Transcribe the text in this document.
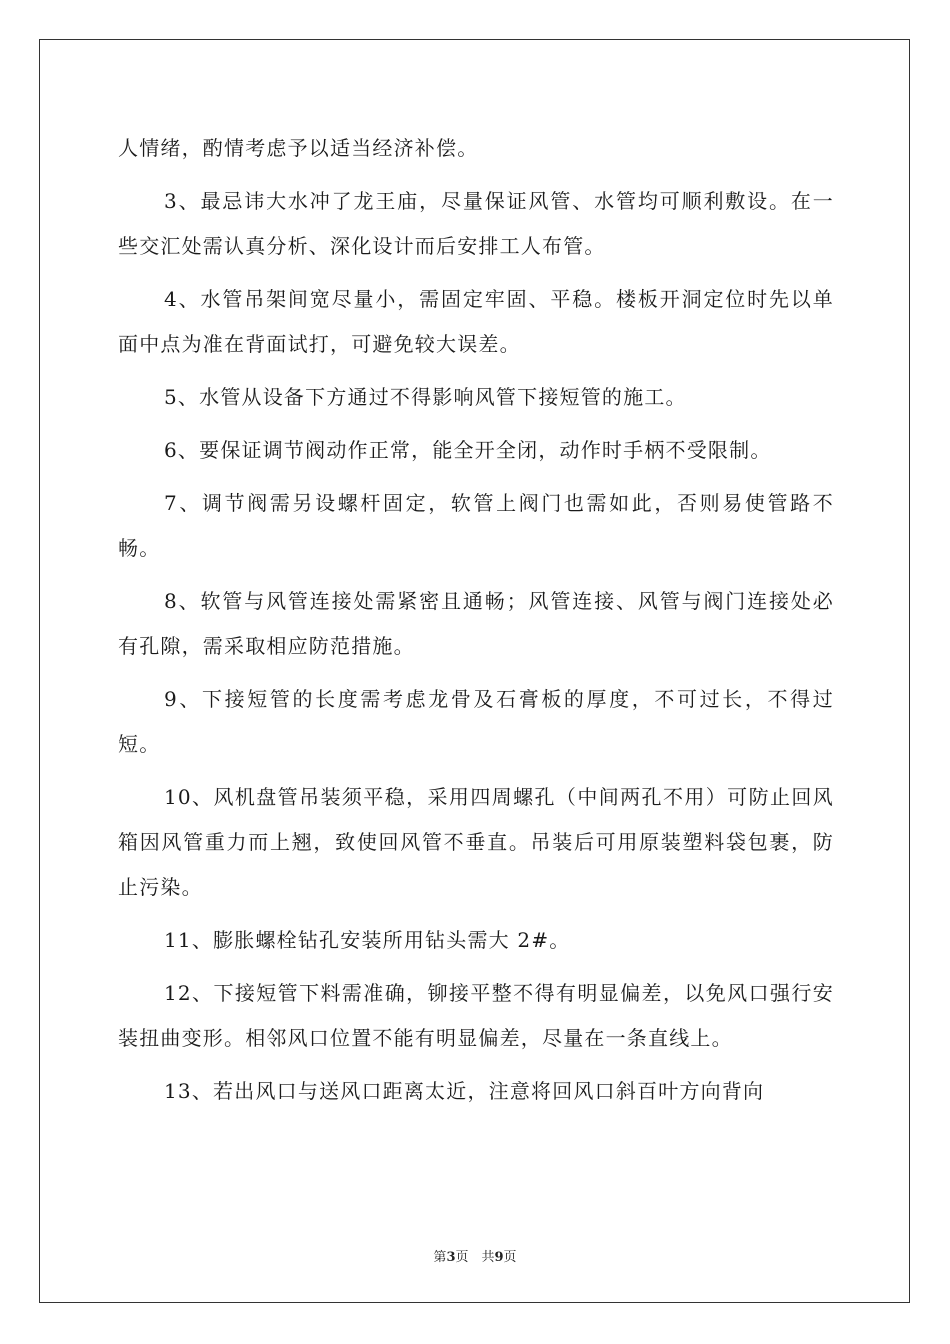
人情绪，酌情考虑予以适当经济补偿。

3、最忌讳大水冲了龙王庙，尽量保证风管、水管均可顺利敷设。在一些交汇处需认真分析、深化设计而后安排工人布管。

4、水管吊架间宽尽量小，需固定牢固、平稳。楼板开洞定位时先以单面中点为准在背面试打，可避免较大误差。

5、水管从设备下方通过不得影响风管下接短管的施工。

6、要保证调节阀动作正常，能全开全闭，动作时手柄不受限制。

7、调节阀需另设螺杆固定，软管上阀门也需如此，否则易使管路不畅。

8、软管与风管连接处需紧密且通畅；风管连接、风管与阀门连接处必有孔隙，需采取相应防范措施。

9、下接短管的长度需考虑龙骨及石膏板的厚度，不可过长，不得过短。

10、风机盘管吊装须平稳，采用四周螺孔（中间两孔不用）可防止回风箱因风管重力而上翘，致使回风管不垂直。吊装后可用原装塑料袋包裹，防止污染。

11、膨胀螺栓钻孔安装所用钻头需大 2#。

12、下接短管下料需准确，铆接平整不得有明显偏差，以免风口强行安装扭曲变形。相邻风口位置不能有明显偏差，尽量在一条直线上。

13、若出风口与送风口距离太近，注意将回风口斜百叶方向背向

第3页　共9页
